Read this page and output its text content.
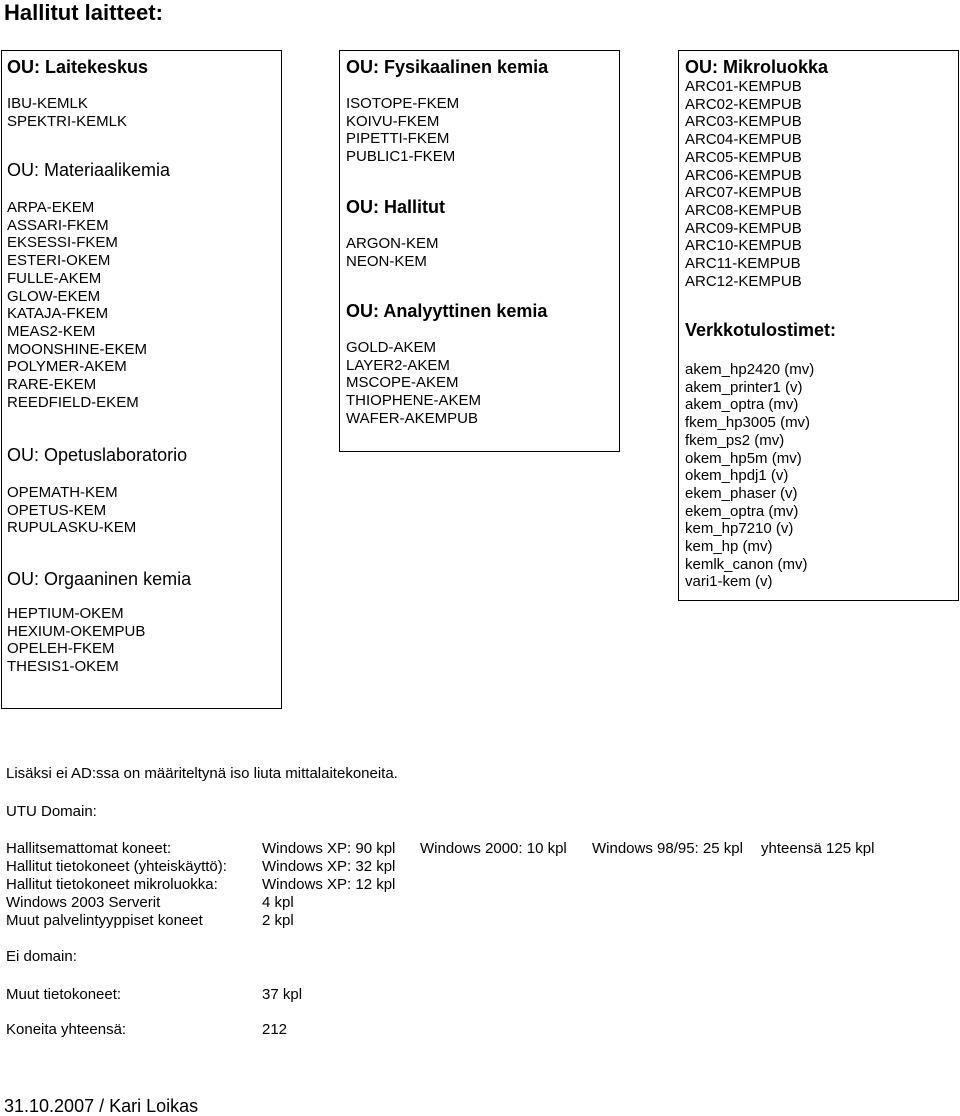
Hallitut laitteet:
OU: Laitekeskus
IBU-KEMLK
SPEKTRI-KEMLK
OU: Materiaalikemia
ARPA-EKEM
ASSARI-FKEM
EKSESSI-FKEM
ESTERI-OKEM
FULLE-AKEM
GLOW-EKEM
KATAJA-FKEM
MEAS2-KEM
MOONSHINE-EKEM
POLYMER-AKEM
RARE-EKEM
REEDFIELD-EKEM
OU: Opetuslaboratorio
OPEMATH-KEM
OPETUS-KEM
RUPULASKU-KEM
OU: Orgaaninen kemia
HEPTIUM-OKEM
HEXIUM-OKEMPUB
OPELEH-FKEM
THESIS1-OKEM
OU: Fysikaalinen kemia
ISOTOPE-FKEM
KOIVU-FKEM
PIPETTI-FKEM
PUBLIC1-FKEM
OU: Hallitut
ARGON-KEM
NEON-KEM
OU: Analyyttinen kemia
GOLD-AKEM
LAYER2-AKEM
MSCOPE-AKEM
THIOPHENE-AKEM
WAFER-AKEMPUB
OU: Mikroluokka
ARC01-KEMPUB
ARC02-KEMPUB
ARC03-KEMPUB
ARC04-KEMPUB
ARC05-KEMPUB
ARC06-KEMPUB
ARC07-KEMPUB
ARC08-KEMPUB
ARC09-KEMPUB
ARC10-KEMPUB
ARC11-KEMPUB
ARC12-KEMPUB
Verkkotulostimet:
akem_hp2420 (mv)
akem_printer1 (v)
akem_optra (mv)
fkem_hp3005 (mv)
fkem_ps2 (mv)
okem_hp5m (mv)
okem_hpdj1 (v)
ekem_phaser (v)
ekem_optra (mv)
kem_hp7210 (v)
kem_hp (mv)
kemlk_canon (mv)
vari1-kem (v)
Lisäksi ei AD:ssa on määriteltynä iso liuta mittalaitekoneita.
UTU Domain:
Hallitsemattomat koneet:	Windows XP: 90 kpl Windows 2000: 10 kpl Windows 98/95: 25 kpl yhteensä 125 kpl
Hallitut tietokoneet (yhteiskäyttö): Windows XP: 32 kpl
Hallitut tietokoneet mikroluokka:	Windows XP: 12 kpl
Windows 2003 Serverit	4 kpl
Muut palvelintyyppiset koneet	2 kpl
Ei domain:
Muut tietokoneet:	37 kpl
Koneita yhteensä:	212
31.10.2007 / Kari Loikas
